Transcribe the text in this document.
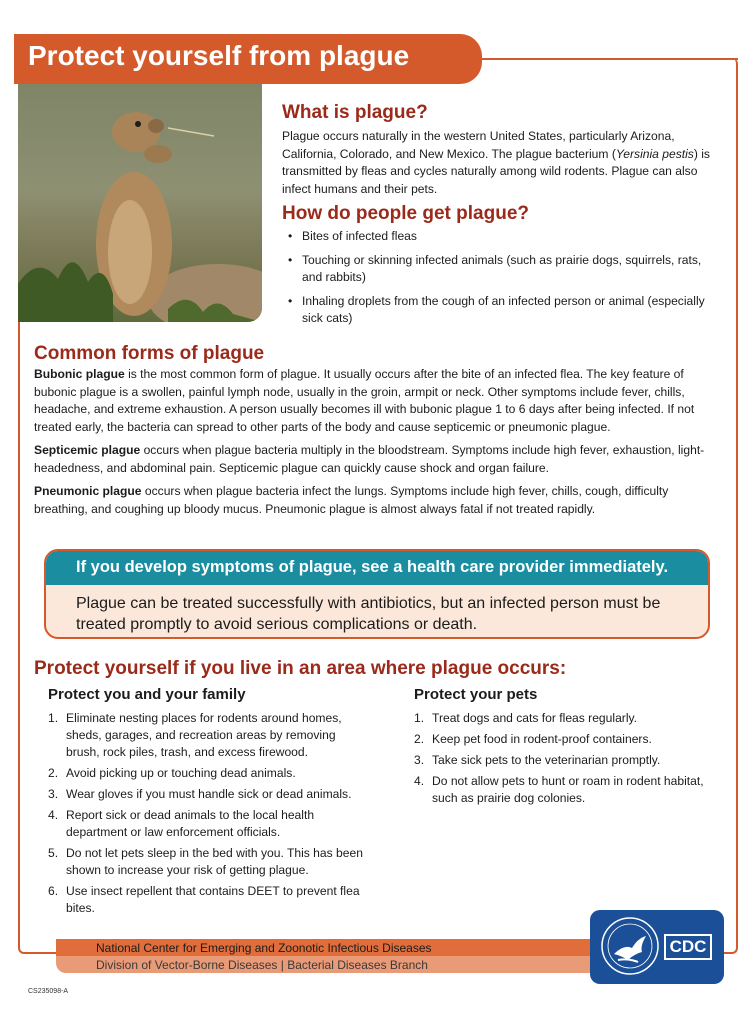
Protect yourself from plague
What is plague?

Plague occurs naturally in the western United States, particularly Arizona, California, Colorado, and New Mexico. The plague bacterium (Yersinia pestis) is transmitted by fleas and cycles naturally among wild rodents. Plague can also infect humans and their pets.

How do people get plague?
• Bites of infected fleas
• Touching or skinning infected animals (such as prairie dogs, squirrels, rats, and rabbits)
• Inhaling droplets from the cough of an infected person or animal (especially sick cats)
Common forms of plague

Bubonic plague is the most common form of plague. It usually occurs after the bite of an infected flea. The key feature of bubonic plague is a swollen, painful lymph node, usually in the groin, armpit or neck. Other symptoms include fever, chills, headache, and extreme exhaustion. A person usually becomes ill with bubonic plague 1 to 6 days after being infected. If not treated early, the bacteria can spread to other parts of the body and cause septicemic or pneumonic plague.

Septicemic plague occurs when plague bacteria multiply in the bloodstream. Symptoms include high fever, exhaustion, light-headedness, and abdominal pain. Septicemic plague can quickly cause shock and organ failure.

Pneumonic plague occurs when plague bacteria infect the lungs. Symptoms include high fever, chills, cough, difficulty breathing, and coughing up bloody mucus. Pneumonic plague is almost always fatal if not treated rapidly.

If you develop symptoms of plague, see a health care provider immediately.
Plague can be treated successfully with antibiotics, but an infected person must be treated promptly to avoid serious complications or death.
Protect yourself if you live in an area where plague occurs:
Protect you and your family
1. Eliminate nesting places for rodents around homes, sheds, garages, and recreation areas by removing brush, rock piles, trash, and excess firewood.
2. Avoid picking up or touching dead animals.
3. Wear gloves if you must handle sick or dead animals.
4. Report sick or dead animals to the local health department or law enforcement officials.
5. Do not let pets sleep in the bed with you. This has been shown to increase your risk of getting plague.
6. Use insect repellent that contains DEET to prevent flea bites.
Protect your pets
1. Treat dogs and cats for fleas regularly.
2. Keep pet food in rodent-proof containers.
3. Take sick pets to the veterinarian promptly.
4. Do not allow pets to hunt or roam in rodent habitat, such as prairie dog colonies.
National Center for Emerging and Zoonotic Infectious Diseases
Division of Vector-Borne Diseases | Bacterial Diseases Branch
CDC
CS235098-A
